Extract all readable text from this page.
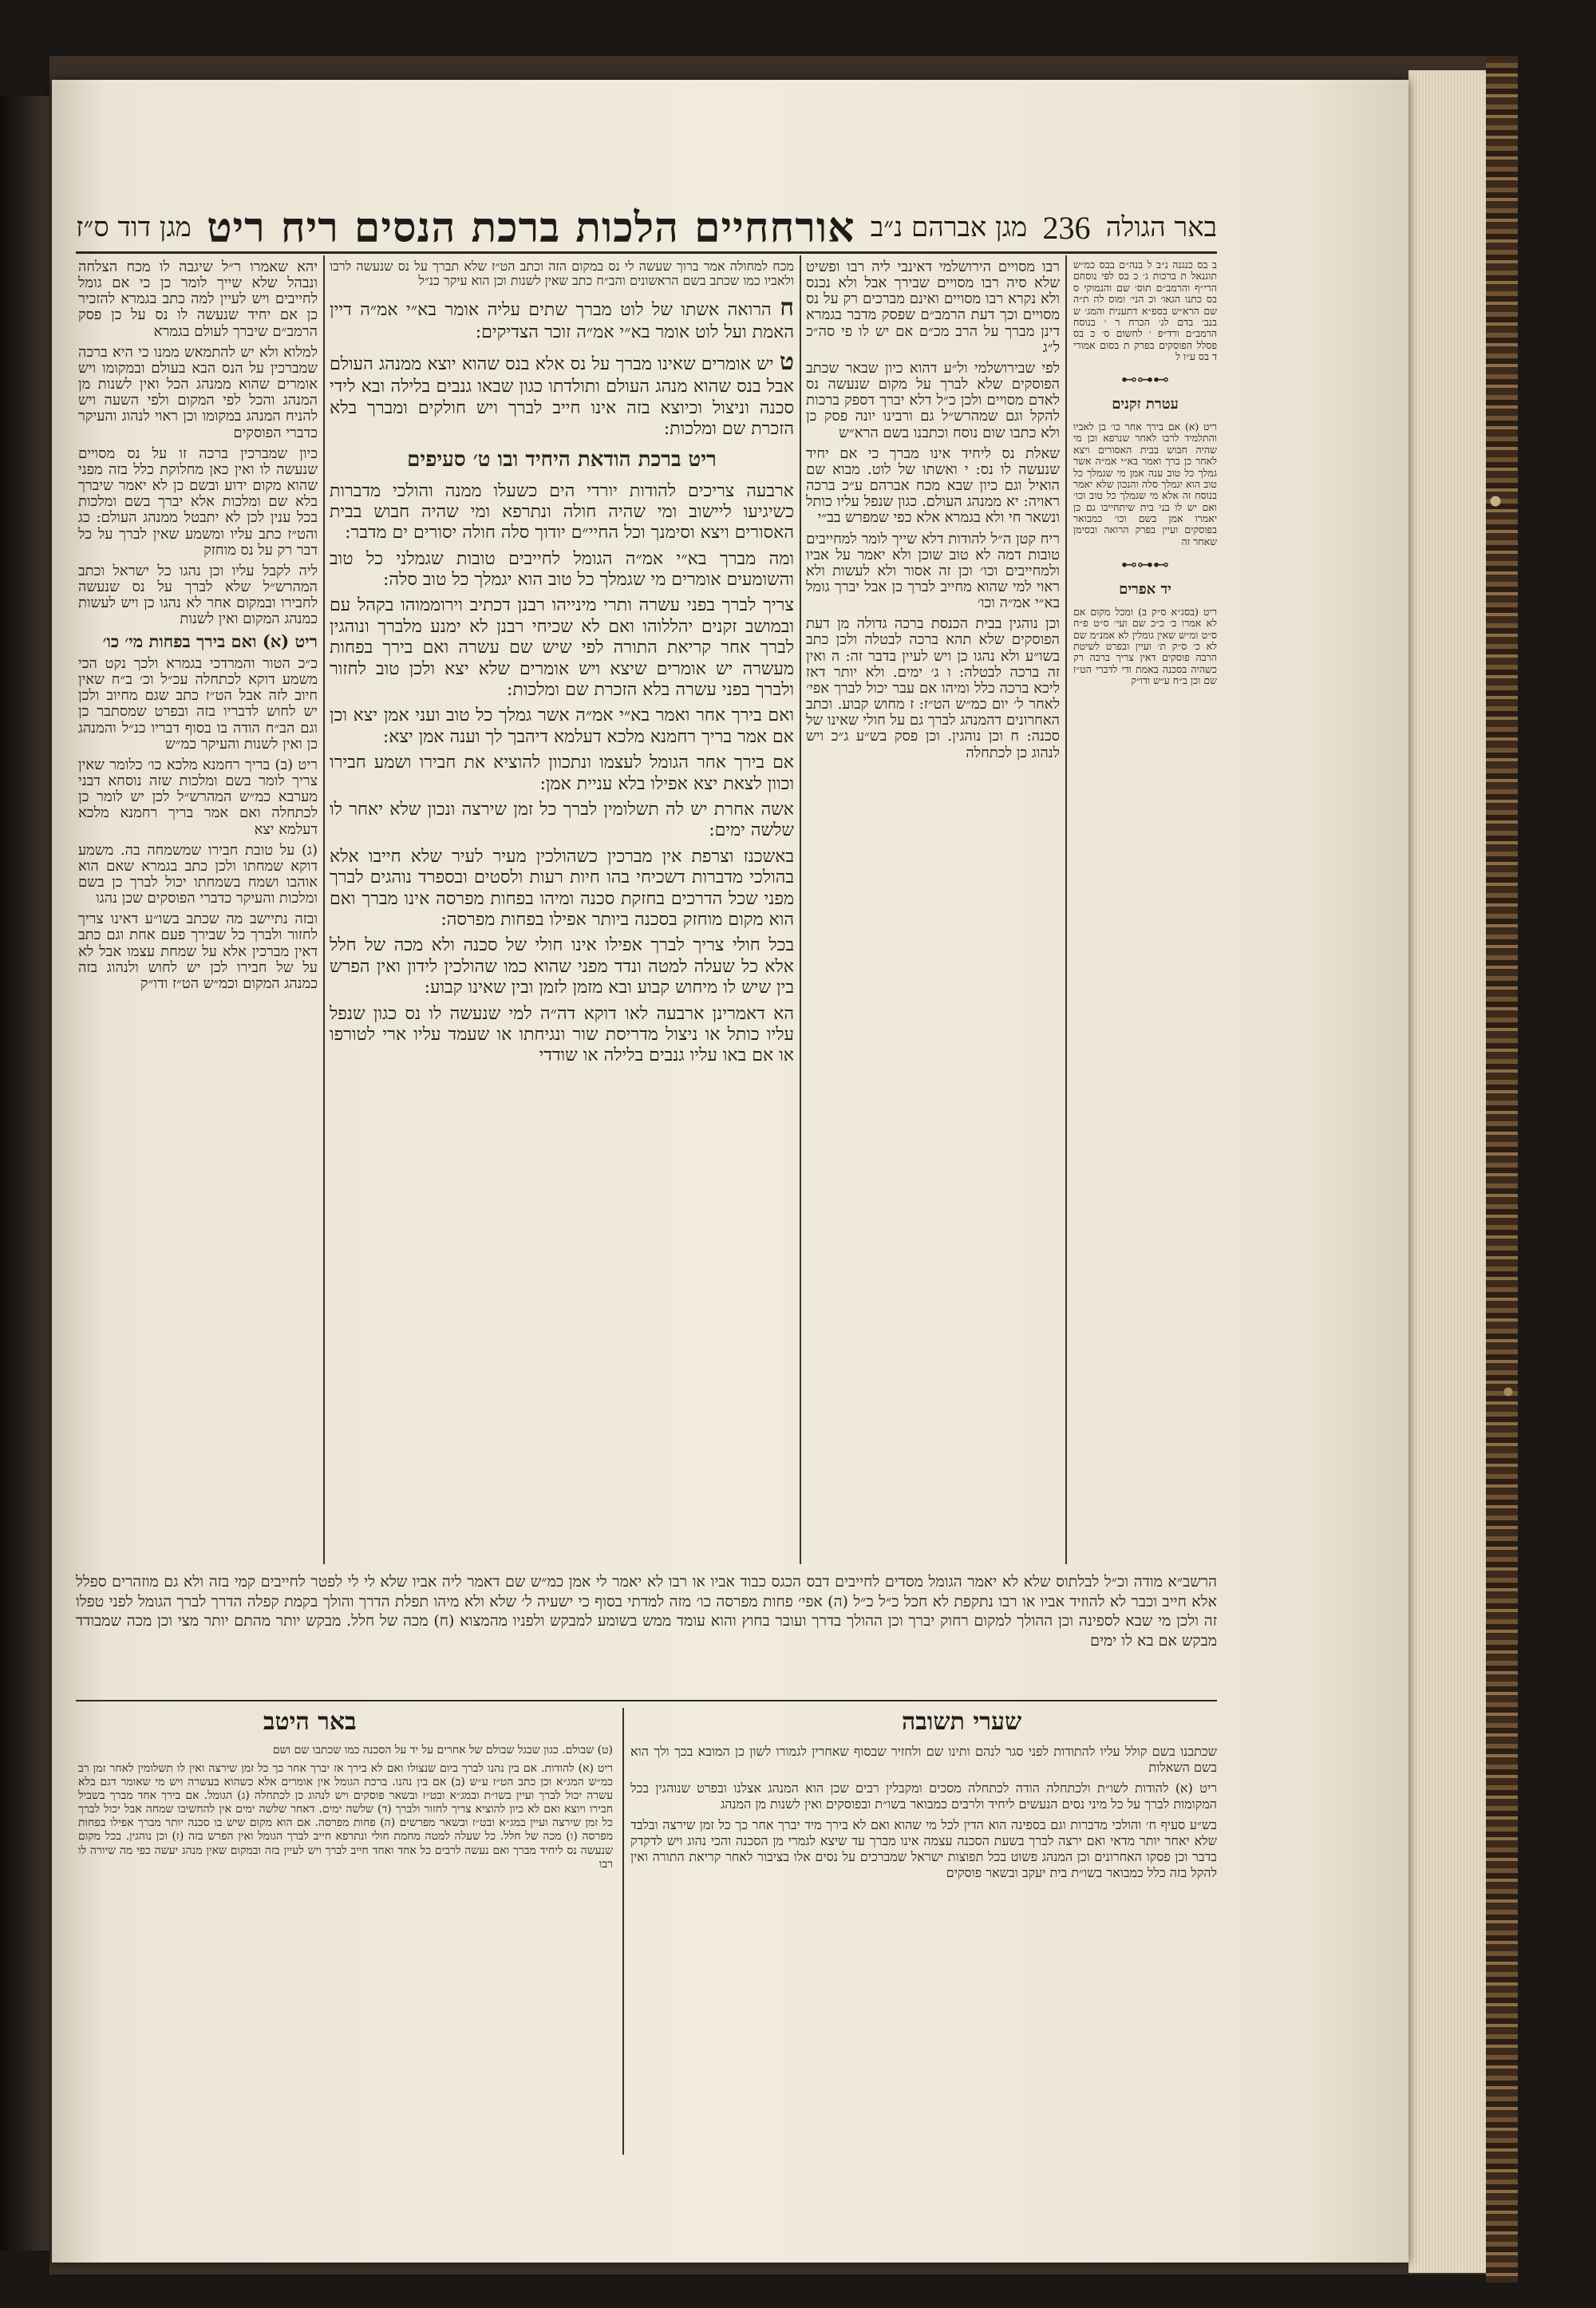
באר הגולה
236
מגן אברהם נ״ב
אורחחיים הלכות ברכת הנסים ריח ריט
מגן דוד ס״ז

ב בס כנגנה נ״ב ל בנה״ם בבס כמ״ש תוגנאל ת ברכות ג׳ כ בס לפי נוסחם הרי״ף והרמב״ם תוס׳ שם והנמוקי ס בס כתנו הגאו׳ וכ הני׳ ומוס לה ת״ה שם הרא״ש בספ״א דתענית והמג׳ ש בנב׳ בדם לג׳ הכרח ר ׳ בנוסח הרמב״ם ורד״פ ׳ לחשום ס׳ כ בס פסלל הפוסקים בפרק ת בסום אמורי ד בס ע״ו ל

⊶⊷⊶
עטרת זקנים

ריט (א) אם בירך אחר כו׳ בן לאביו והתלמיד לרבו לאחר שנרפא וכן מי שהיה חבוש בבית האסורים ויצא לאחר כן ברך ואמר בא״י אמ״ה אשר גמלך כל טוב ענה אמן מי שגמלך כל טוב הוא יגמלך סלה והנכון שלא יאמר בנוסח זה אלא מי שגמלך כל טוב וכו׳ ואם יש לו בני בית שיתחייבו גם כן יאמרו אמן בשם וכו׳ כמבואר בפוסקים ועיין בפרק הרואה ובסימן שאחר זה

⊶⊷⊶
יד אפרים

ריט (בסג״א ס״ק ב) ומכל מקום אם לא אמרו ב׳ כ״כ שם ועי׳ ס״ט פ״ח ס״ט ומ״ש שאין גומלין לא אמנ״מ שם לא כ׳ ס״ק ת׳ ועיין ובפרט לשיטת הרבה פוסקים דאין צריך ברכה רק כשהיה בסכנה באמת ודי לדברי הט״ז שם וכן ב״ח ע״ש ודו״ק

רבו מסויים הירושלמי דאינבי ליה רבו ופשיט שלא סיה רבו מסויים שבירך אבל ולא נכנס ולא נקרא רבו מסויים ואינם מברכים רק על נס מסויים וכך דעת הרמב״ם שפסק מדבר בגמרא דינן מברך על הרב מכ״ם אם יש לו פי סה״כ ל״ג

לפי שבירושלמי ול״ע דהוא כיון שבאר שכתב הפוסקים שלא לברך על מקום שנעשה נס לאדם מסויים ולכן כ״ל דלא יברך דספק ברכות להקל וגם שמהרש״ל גם ורבינו יונה פסק כן ולא כתבו שום נוסח וכתבנו בשם הרא״ש

שאלת נס ליחיד אינו מברך כי אם יחיד שנעשה לו נס: י ואשתו של לוט. מבוא שם הואיל וגם כיון שבא מכח אברהם ע״כ ברכה ראויה: יא ממנהג העולם. כגון שנפל עליו כותל ונשאר חי ולא בגמרא אלא כפי שמפרש בב״י

ריח קטן ה״ל להודות דלא שייך לומר למחייבים טובות דמה לא טוב שוכן ולא יאמר על אביו ולמחייבים וכו׳ וכן זה אסור ולא לעשות ולא ראוי למי שהוא מחייב לברך כן אבל יברך גומל בא״י אמ״ה וכו׳

וכן נוהגין בבית הכנסת ברכה גדולה מן דעת הפוסקים שלא תהא ברכה לבטלה ולכן כתב בשו״ע ולא נהגו כן ויש לעיין בדבר זה: ה ואין זה ברכה לבטלה: ו ג׳ ימים. ולא יותר דאז ליכא ברכה כלל ומיהו אם עבר יכול לברך אפי׳ לאחר ל׳ יום כמ״ש הט״ז: ז מחוש קבוע. וכתב האחרונים דהמנהג לברך גם על חולי שאינו של סכנה: ח וכן נוהגין. וכן פסק בש״ע ג״כ ויש לנהוג כן לכתחלה

מכח למחולה אמר ברוך שעשה לי נס במקום הזה וכתב הט״ז שלא תברך על נס שנעשה לרבו ולאביו כמו שכתב בשם הראשונים והב״ח כתב שאין לשנות וכן הוא עיקר כנ״ל

ח הרואה אשתו של לוט מברך שתים עליה אומר בא״י אמ״ה דיין האמת ועל לוט אומר בא״י אמ״ה זוכר הצדיקים:

ט יש אומרים שאינו מברך על נס אלא בנס שהוא יוצא ממנהג העולם אבל בנס שהוא מנהג העולם ותולדתו כגון שבאו גנבים בלילה ובא לידי סכנה וניצול וכיוצא בזה אינו חייב לברך ויש חולקים ומברך בלא הזכרת שם ומלכות:

ריט ברכת הודאת היחיד ובו ט׳ סעיפים

ארבעה צריכים להודות יורדי הים כשעלו ממנה והולכי מדברות כשיגיעו ליישוב ומי שהיה חולה ונתרפא ומי שהיה חבוש בבית האסורים ויצא וסימנך וכל החיי״ם יודוך סלה חולה יסורים ים מדבר:

ומה מברך בא״י אמ״ה הגומל לחייבים טובות שגמלני כל טוב והשומעים אומרים מי שגמלך כל טוב הוא יגמלך כל טוב סלה:

צריך לברך בפני עשרה ותרי מינייהו רבנן דכתיב וירוממוהו בקהל עם ובמושב זקנים יהללוהו ואם לא שכיחי רבנן לא ימנע מלברך ונוהגין לברך אחר קריאת התורה לפי שיש שם עשרה ואם בירך בפחות מעשרה יש אומרים שיצא ויש אומרים שלא יצא ולכן טוב לחזור ולברך בפני עשרה בלא הזכרת שם ומלכות:

ואם בירך אחר ואמר בא״י אמ״ה אשר גמלך כל טוב ועני אמן יצא וכן אם אמר בריך רחמנא מלכא דעלמא דיהבך לך וענה אמן יצא:

אם בירך אחר הגומל לעצמו ונתכוון להוציא את חבירו ושמע חבירו וכוון לצאת יצא אפילו בלא עניית אמן:

אשה אחרת יש לה תשלומין לברך כל זמן שירצה ונכון שלא יאחר לו שלשה ימים:

באשכנז וצרפת אין מברכין כשהולכין מעיר לעיר שלא חייבו אלא בהולכי מדברות דשכיחי בהו חיות רעות ולסטים ובספרד נוהגים לברך מפני שכל הדרכים בחזקת סכנה ומיהו בפחות מפרסה אינו מברך ואם הוא מקום מוחזק בסכנה ביותר אפילו בפחות מפרסה:

בכל חולי צריך לברך אפילו אינו חולי של סכנה ולא מכה של חלל אלא כל שעלה למטה ונדד מפני שהוא כמו שהולכין לידון ואין הפרש בין שיש לו מיחוש קבוע ובא מזמן לזמן ובין שאינו קבוע:

הא דאמרינן ארבעה לאו דוקא דה״ה למי שנעשה לו נס כגון שנפל עליו כותל או ניצול מדריסת שור ונגיחתו או שעמד עליו ארי לטורפו או אם באו עליו גנבים בלילה או שודדי

יהא שאמרו ר״ל שיגבה לו מכח הצלחה ונבהל שלא שייך לומר כן כי אם גומל לחייבים ויש לעיין למה כתב בגמרא להזכיר כן אם יחיד שנעשה לו נס על כן פסק הרמב״ם שיברך לעולם בגמרא

למלוא ולא יש להתמאש ממנו כי היא ברכה שמברכין על הנס הבא בעולם ובמקומו ויש אומרים שהוא ממנהג הכל ואין לשנות מן המנהג והכל לפי המקום ולפי השעה ויש להניח המנהג במקומו וכן ראוי לנהוג והעיקר כדברי הפוסקים

כיון שמברכין ברכה זו על נס מסויים שנעשה לו ואין כאן מחלוקת כלל בזה מפני שהוא מקום ידוע ובשם כן לא יאמר שיברך בלא שם ומלכות אלא יברך בשם ומלכות בכל ענין לכן לא יתבטל ממנהג העולם: כג והט״ז כתב עליו ומשמע שאין לברך על כל דבר רק על נס מוחזק

ליה לקבל עליו וכן נהגו כל ישראל וכתב המהרש״ל שלא לברך על נס שנעשה לחבירו ובמקום אחר לא נהגו כן ויש לעשות כמנהג המקום ואין לשנות

ריט (א) ואם בירך בפחות מי׳ כו׳

כ״כ הטור והמרדכי בגמרא ולכך נקט הכי משמע דוקא לכתחלה עכ״ל וכ׳ ב״ח שאין חיוב לזה אבל הט״ז כתב שגם מחיוב ולכן יש לחוש לדבריו בזה ובפרט שמסתבר כן וגם הב״ח הודה בו בסוף דבריו כנ״ל והמנהג כן ואין לשנות והעיקר כמ״ש

ריט (ב) בריך רחמנא מלכא כו׳ כלומר שאין צריך לומר בשם ומלכות שזה נוסחא דבני מערבא כמ״ש המהרש״ל לכן יש לומר כן לכתחלה ואם אמר בריך רחמנא מלכא דעלמא יצא

(ג) על טובת חבירו שמשמחה בה. משמע דוקא שמחתו ולכן כתב בגמרא שאם הוא אוהבו ושמח בשמחתו יכול לברך כן בשם ומלכות והעיקר כדברי הפוסקים שכן נהגו

ובזה נתיישב מה שכתב בשו״ע דאינו צריך לחזור ולברך כל שבירך פעם אחת וגם כתב דאין מברכין אלא על שמחת עצמו אבל לא על של חבירו לכן יש לחוש ולנהוג בזה כמנהג המקום וכמ״ש הט״ז ודו״ק

הרשב״א מודה וכ״ל לבלתוס שלא לא יאמר הגומל מסדים לחייבים דבס הכגס כבוד אביו או רבו לא יאמר לי אמן כמ״ש שם דאמר ליה אביו שלא לי לי לפטר לחייבים קמי בזה ולא גם מוזהרים ספלל אלא חייב וכבר לא להוזיד אביו או רבו נתקפת לא חכל כ״ל כ״ל (ה) אפי׳ פחות מפרסה כו׳ מזה למדתי בסוף כי ישעיה ל׳ שלא ולא מיהו תפלת הדרך והולך בקמת קפלה הדרך לברך הגומל לפני טפלו זה ולכן מי שבא לספינה וכן ההולך למקום רחוק יברך וכן ההולך בדרך ועובר בחוץ והוא עומד ממש בשומע למבקש ולפניו מהמצוא (ח) מכה של חלל. מבקש יותר מהתם יותר מצי וכן מכה שמבודד מבקש אם בא לו ימים
שערי תשובה
באר היטב

שכתבנו בשם קולל עליו להתודות לפני סגר לנהם ותינו שם ולחזיר שבסוף שאחרין לגמורו לשון כן המובא בכך ולך הוא בשם השאלות

ריט (א) להודות לשו״ת ולכתחלה הודה לכתחלה מסכים ומקבלין רבים שכן הוא המנהג אצלנו ובפרט שנוהגין בכל המקומות לברך על כל מיני נסים הנעשים ליחיד ולרבים כמבואר בשו״ת ובפוסקים ואין לשנות מן המנהג

בש״ע סעיף ח׳ והולכי מדברות וגם בספינה הוא הדין לכל מי שהוא ואם לא בירך מיד יברך אחר כך כל זמן שירצה ובלבד שלא יאחר יותר מדאי ואם ירצה לברך בשעת הסכנה עצמה אינו מברך עד שיצא לגמרי מן הסכנה והכי נהוג ויש לדקדק בדבר וכן פסקו האחרונים וכן המנהג פשוט בכל תפוצות ישראל שמברכים על נסים אלו בציבור לאחר קריאת התורה ואין להקל בזה כלל כמבואר בשו״ת בית יעקב ובשאר פוסקים

(ט) שבולם. כגון שבגל שבולם של אחרים על יד על הסכנה כמו שכתבו שם ושם

ריט (א) להודות. אם בין נהנו לברך ביום שנצולו ואם לא בירך אז יברך אחר כך כל זמן שירצה ואין לו תשלומין לאחר זמן רב כמ״ש המג״א וכן כתב הט״ז ע״ש (ב) אם בין נהנו. ברכת הגומל אין אומרים אלא כשהוא בעשרה ויש מי שאומר דגם בלא עשרה יכול לברך ועיין בשו״ת ובמג״א ובט״ז ובשאר פוסקים ויש לנהוג כן לכתחלה (ג) הגומל. אם בירך אחד מברך בשביל חבירו ויוצא ואם לא כיון להוציא צריך לחזור ולברך (ד) שלשה ימים. דאחר שלשה ימים אין להחשיבו שמחה אבל יכול לברך כל זמן שירצה ועיין במג״א ובט״ז ובשאר מפרשים (ה) פחות מפרסה. אם הוא מקום שיש בו סכנה יותר מברך אפילו בפחות מפרסה (ו) מכה של חלל. כל שעלה למטה מחמת חולי ונתרפא חייב לברך הגומל ואין הפרש בזה (ז) וכן נוהגין. בכל מקום שנעשה נס ליחיד מברך ואם נעשה לרבים כל אחד ואחד חייב לברך ויש לעיין בזה ובמקום שאין מנהג יעשה כפי מה שיורה לו רבו
